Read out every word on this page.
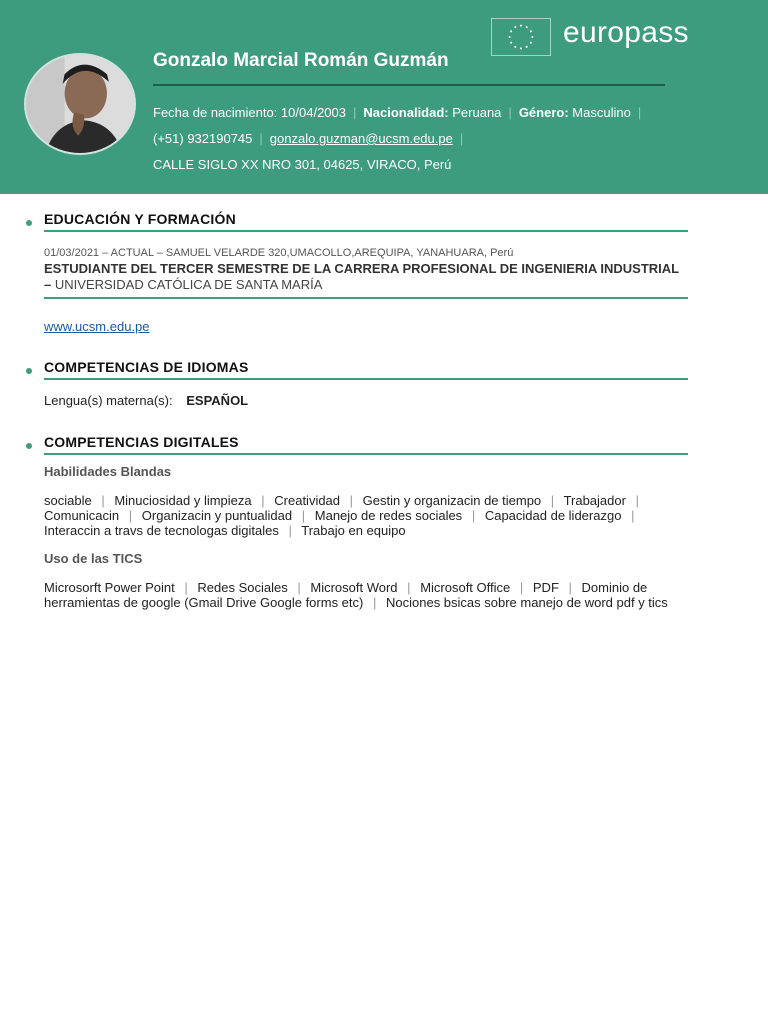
Gonzalo Marcial Román Guzmán
europass
Fecha de nacimiento: 10/04/2003 | Nacionalidad: Peruana | Género: Masculino |
(+51) 932190745 | gonzalo.guzman@ucsm.edu.pe |
CALLE SIGLO XX NRO 301, 04625, VIRACO, Perú
EDUCACIÓN Y FORMACIÓN
01/03/2021 – ACTUAL – SAMUEL VELARDE 320,UMACOLLO,AREQUIPA, YANAHUARA, Perú
ESTUDIANTE DEL TERCER SEMESTRE DE LA CARRERA PROFESIONAL DE INGENIERIA INDUSTRIAL – UNIVERSIDAD CATÓLICA DE SANTA MARÍA
www.ucsm.edu.pe
COMPETENCIAS DE IDIOMAS
Lengua(s) materna(s): ESPAÑOL
COMPETENCIAS DIGITALES
Habilidades Blandas
sociable | Minuciosidad y limpieza | Creatividad | Gestin y organizacin de tiempo | Trabajador | Comunicacin | Organizacin y puntualidad | Manejo de redes sociales | Capacidad de liderazgo | Interaccin a travs de tecnologas digitales | Trabajo en equipo
Uso de las TICS
Microsorft Power Point | Redes Sociales | Microsoft Word | Microsoft Office | PDF | Dominio de herramientas de google (Gmail Drive Google forms etc) | Nociones bsicas sobre manejo de word pdf y tics
